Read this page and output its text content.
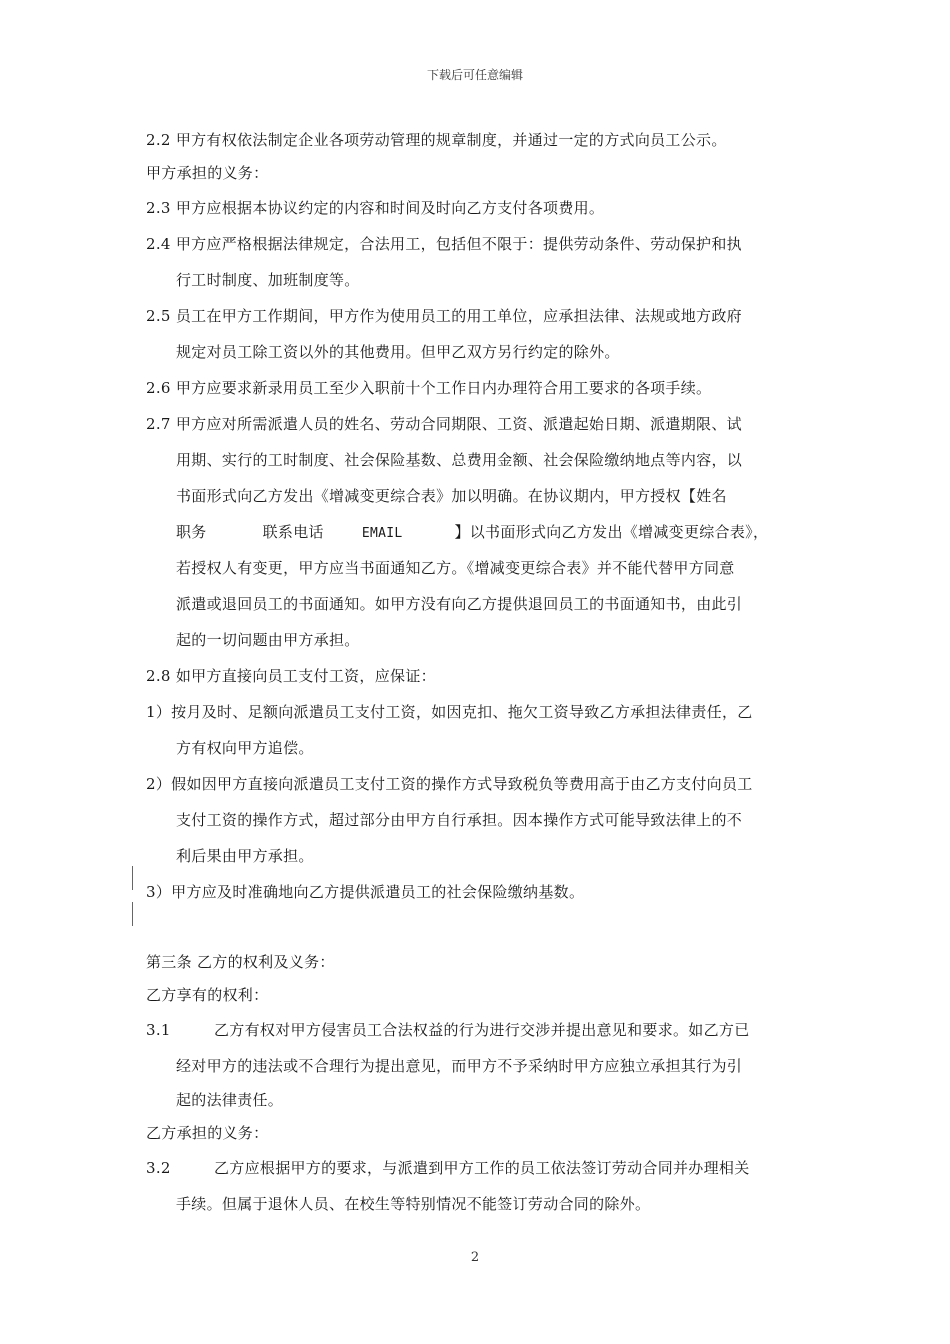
下载后可任意编辑
2.2 甲方有权依法制定企业各项劳动管理的规章制度，并通过一定的方式向员工公示。
甲方承担的义务：
2.3 甲方应根据本协议约定的内容和时间及时向乙方支付各项费用。
2.4 甲方应严格根据法律规定，合法用工，包括但不限于：提供劳动条件、劳动保护和执
行工时制度、加班制度等。
2.5 员工在甲方工作期间，甲方作为使用员工的用工单位，应承担法律、法规或地方政府
规定对员工除工资以外的其他费用。但甲乙双方另行约定的除外。
2.6 甲方应要求新录用员工至少入职前十个工作日内办理符合用工要求的各项手续。
2.7 甲方应对所需派遣人员的姓名、劳动合同期限、工资、派遣起始日期、派遣期限、试
用期、实行的工时制度、社会保险基数、总费用金额、社会保险缴纳地点等内容，以
书面形式向乙方发出《增减变更综合表》加以明确。在协议期内，甲方授权【姓名
职务	联系电话	EMAIL	】以书面形式向乙方发出《增减变更综合表》，
若授权人有变更，甲方应当书面通知乙方。《增减变更综合表》并不能代替甲方同意
派遣或退回员工的书面通知。如甲方没有向乙方提供退回员工的书面通知书，由此引
起的一切问题由甲方承担。
2.8 如甲方直接向员工支付工资，应保证：
1）按月及时、足额向派遣员工支付工资，如因克扣、拖欠工资导致乙方承担法律责任，乙
方有权向甲方追偿。
2）假如因甲方直接向派遣员工支付工资的操作方式导致税负等费用高于由乙方支付向员工
支付工资的操作方式，超过部分由甲方自行承担。因本操作方式可能导致法律上的不
利后果由甲方承担。
3）甲方应及时准确地向乙方提供派遣员工的社会保险缴纳基数。
第三条 乙方的权利及义务：
乙方享有的权利：
3.1	乙方有权对甲方侵害员工合法权益的行为进行交涉并提出意见和要求。如乙方已
经对甲方的违法或不合理行为提出意见，而甲方不予采纳时甲方应独立承担其行为引
起的法律责任。
乙方承担的义务：
3.2	乙方应根据甲方的要求，与派遣到甲方工作的员工依法签订劳动合同并办理相关
手续。但属于退休人员、在校生等特别情况不能签订劳动合同的除外。
2
